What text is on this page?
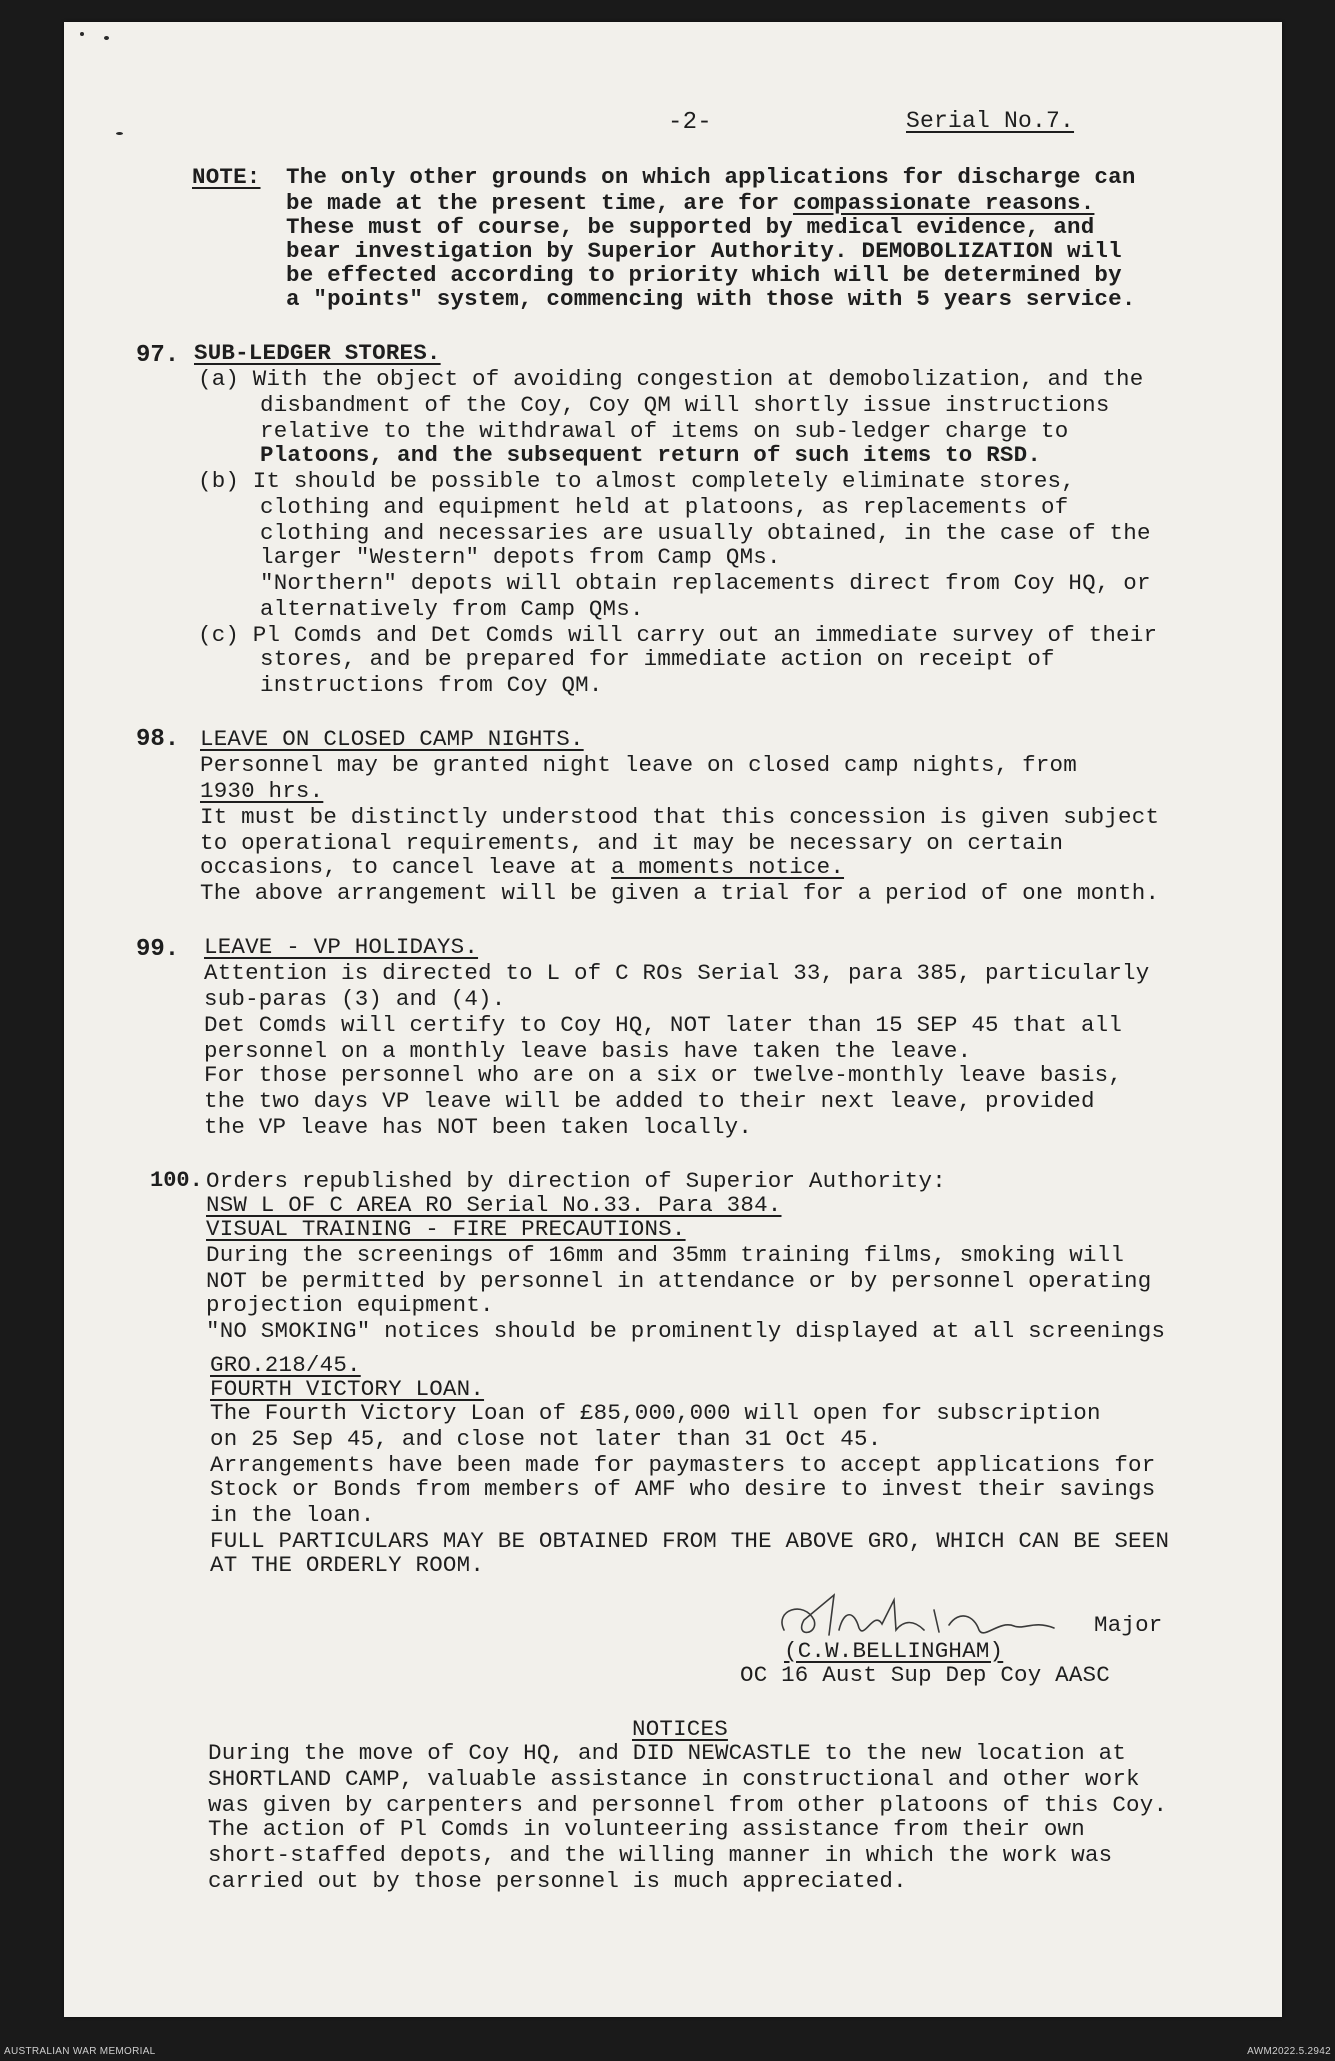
-2-	Serial No.7.
NOTE: The only other grounds on which applications for discharge can
be made at the present time, are for compassionate reasons.
These must of course, be supported by medical evidence, and
bear investigation by Superior Authority. DEMOBOLIZATION will
be effected according to priority which will be determined by
a "points" system, commencing with those with 5 years service.
97. SUB-LEDGER STORES.
(a) With the object of avoiding congestion at demobolization, and the
disbandment of the Coy, Coy QM will shortly issue instructions
relative to the withdrawal of items on sub-ledger charge to
Platoons, and the subsequent return of such items to RSD.
(b) It should be possible to almost completely eliminate stores,
clothing and equipment held at platoons, as replacements of
clothing and necessaries are usually obtained, in the case of the
larger "Western" depots from Camp QMs.
"Northern" depots will obtain replacements direct from Coy HQ, or
alternatively from Camp QMs.
(c) Pl Comds and Det Comds will carry out an immediate survey of their
stores, and be prepared for immediate action on receipt of
instructions from Coy QM.
98. LEAVE ON CLOSED CAMP NIGHTS.
Personnel may be granted night leave on closed camp nights, from
1930 hrs.
It must be distinctly understood that this concession is given subject
to operational requirements, and it may be necessary on certain
occasions, to cancel leave at a moments notice.
The above arrangement will be given a trial for a period of one month.
99. LEAVE - VP HOLIDAYS.
Attention is directed to L of C ROs Serial 33, para 385, particularly
sub-paras (3) and (4).
Det Comds will certify to Coy HQ, NOT later than 15 SEP 45 that all
personnel on a monthly leave basis have taken the leave.
For those personnel who are on a six or twelve-monthly leave basis,
the two days VP leave will be added to their next leave, provided
the VP leave has NOT been taken locally.
100. Orders republished by direction of Superior Authority:
NSW L OF C AREA RO Serial No.33. Para 384.
VISUAL TRAINING - FIRE PRECAUTIONS.
During the screenings of 16mm and 35mm training films, smoking will
NOT be permitted by personnel in attendance or by personnel operating
projection equipment.
"NO SMOKING" notices should be prominently displayed at all screenings
GRO.218/45.
FOURTH VICTORY LOAN.
The Fourth Victory Loan of £85,000,000 will open for subscription
on 25 Sep 45, and close not later than 31 Oct 45.
Arrangements have been made for paymasters to accept applications for
Stock or Bonds from members of AMF who desire to invest their savings
in the loan.
FULL PARTICULARS MAY BE OBTAINED FROM THE ABOVE GRO, WHICH CAN BE SEEN
AT THE ORDERLY ROOM.
Major
(C.W.BELLINGHAM)
OC 16 Aust Sup Dep Coy AASC
NOTICES
During the move of Coy HQ, and DID NEWCASTLE to the new location at
SHORTLAND CAMP, valuable assistance in constructional and other work
was given by carpenters and personnel from other platoons of this Coy.
The action of Pl Comds in volunteering assistance from their own
short-staffed depots, and the willing manner in which the work was
carried out by those personnel is much appreciated.
AUSTRALIAN WAR MEMORIAL	AWM2022.5.2942
